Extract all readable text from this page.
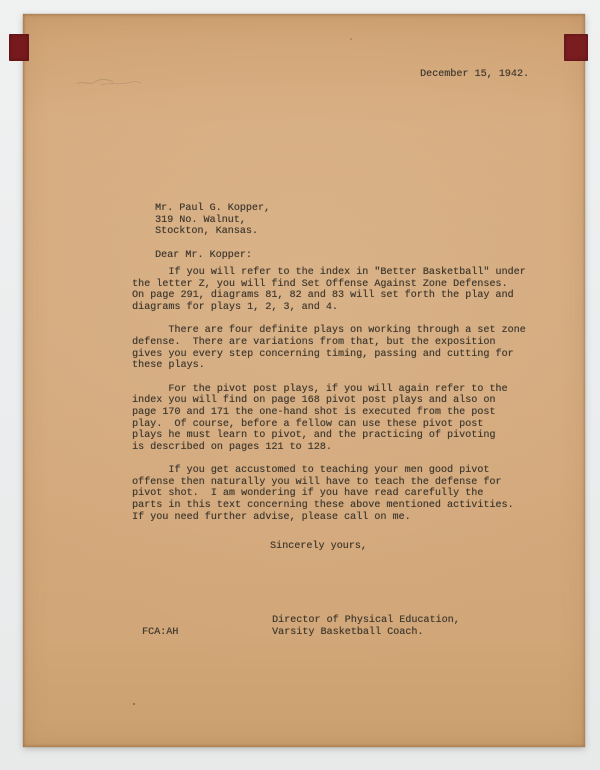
December 15, 1942.
Mr. Paul G. Kopper,
319 No. Walnut,
Stockton, Kansas.
Dear Mr. Kopper:
If you will refer to the index in "Better Basketball" under
the letter Z, you will find Set Offense Against Zone Defenses.
On page 291, diagrams 81, 82 and 83 will set forth the play and
diagrams for plays 1, 2, 3, and 4.
There are four definite plays on working through a set zone
defense.  There are variations from that, but the exposition
gives you every step concerning timing, passing and cutting for
these plays.
For the pivot post plays, if you will again refer to the
index you will find on page 168 pivot post plays and also on
page 170 and 171 the one-hand shot is executed from the post
play.  Of course, before a fellow can use these pivot post
plays he must learn to pivot, and the practicing of pivoting
is described on pages 121 to 128.
If you get accustomed to teaching your men good pivot
offense then naturally you will have to teach the defense for
pivot shot.  I am wondering if you have read carefully the
parts in this text concerning these above mentioned activities.
If you need further advise, please call on me.
Sincerely yours,
Director of Physical Education,
Varsity Basketball Coach.
FCA:AH
